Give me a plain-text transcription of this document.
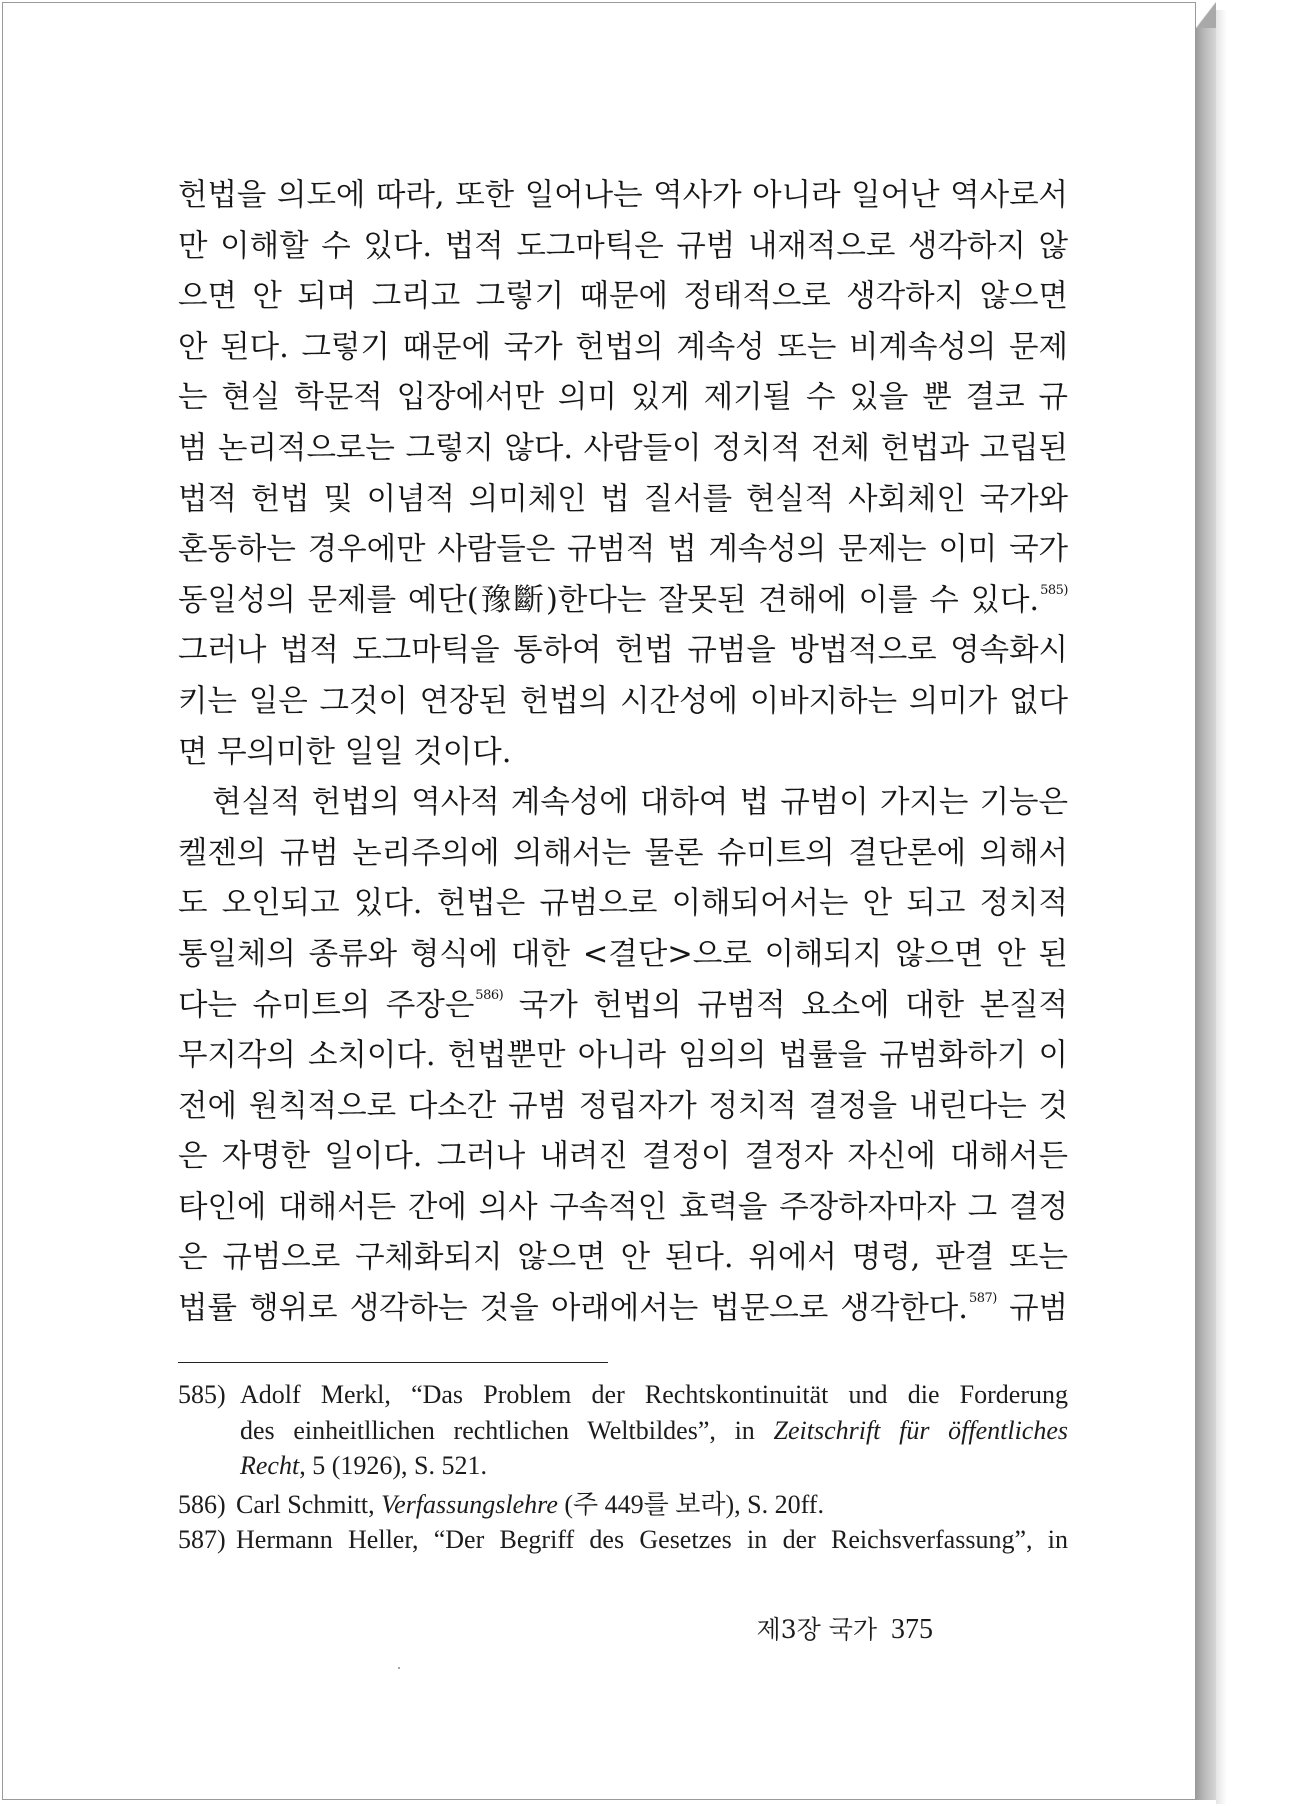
헌법을 의도에 따라, 또한 일어나는 역사가 아니라 일어난 역사로서
만 이해할 수 있다. 법적 도그마틱은 규범 내재적으로 생각하지 않
으면 안 되며 그리고 그렇기 때문에 정태적으로 생각하지 않으면
안 된다. 그렇기 때문에 국가 헌법의 계속성 또는 비계속성의 문제
는 현실 학문적 입장에서만 의미 있게 제기될 수 있을 뿐 결코 규
범 논리적으로는 그렇지 않다. 사람들이 정치적 전체 헌법과 고립된
법적 헌법 및 이념적 의미체인 법 질서를 현실적 사회체인 국가와
혼동하는 경우에만 사람들은 규범적 법 계속성의 문제는 이미 국가
동일성의 문제를 예단(豫斷)한다는 잘못된 견해에 이를 수 있다.$^{585)}$
그러나 법적 도그마틱을 통하여 헌법 규범을 방법적으로 영속화시
키는 일은 그것이 연장된 헌법의 시간성에 이바지하는 의미가 없다
면 무의미한 일일 것이다.
현실적 헌법의 역사적 계속성에 대하여 법 규범이 가지는 기능은
켈젠의 규범 논리주의에 의해서는 물론 슈미트의 결단론에 의해서
도 오인되고 있다. 헌법은 규범으로 이해되어서는 안 되고 정치적
통일체의 종류와 형식에 대한 <결단>으로 이해되지 않으면 안 된
다는 슈미트의 주장은$^{586)}$ 국가 헌법의 규범적 요소에 대한 본질적
무지각의 소치이다. 헌법뿐만 아니라 임의의 법률을 규범화하기 이
전에 원칙적으로 다소간 규범 정립자가 정치적 결정을 내린다는 것
은 자명한 일이다. 그러나 내려진 결정이 결정자 자신에 대해서든
타인에 대해서든 간에 의사 구속적인 효력을 주장하자마자 그 결정
은 규범으로 구체화되지 않으면 안 된다. 위에서 명령, 판결 또는
법률 행위로 생각하는 것을 아래에서는 법문으로 생각한다.$^{587)}$ 규범
585) Adolf Merkl, “Das Problem der Rechtskontinuität und die Forderung
des einheitllichen rechtlichen Weltbildes”, in Zeitschrift für öffentliches
Recht, 5 (1926), S. 521.
586) Carl Schmitt, Verfassungslehre (주 449를 보라), S. 20ff.
587) Hermann Heller, “Der Begriff des Gesetzes in der Reichsverfassung”, in
제3장 국가 375
